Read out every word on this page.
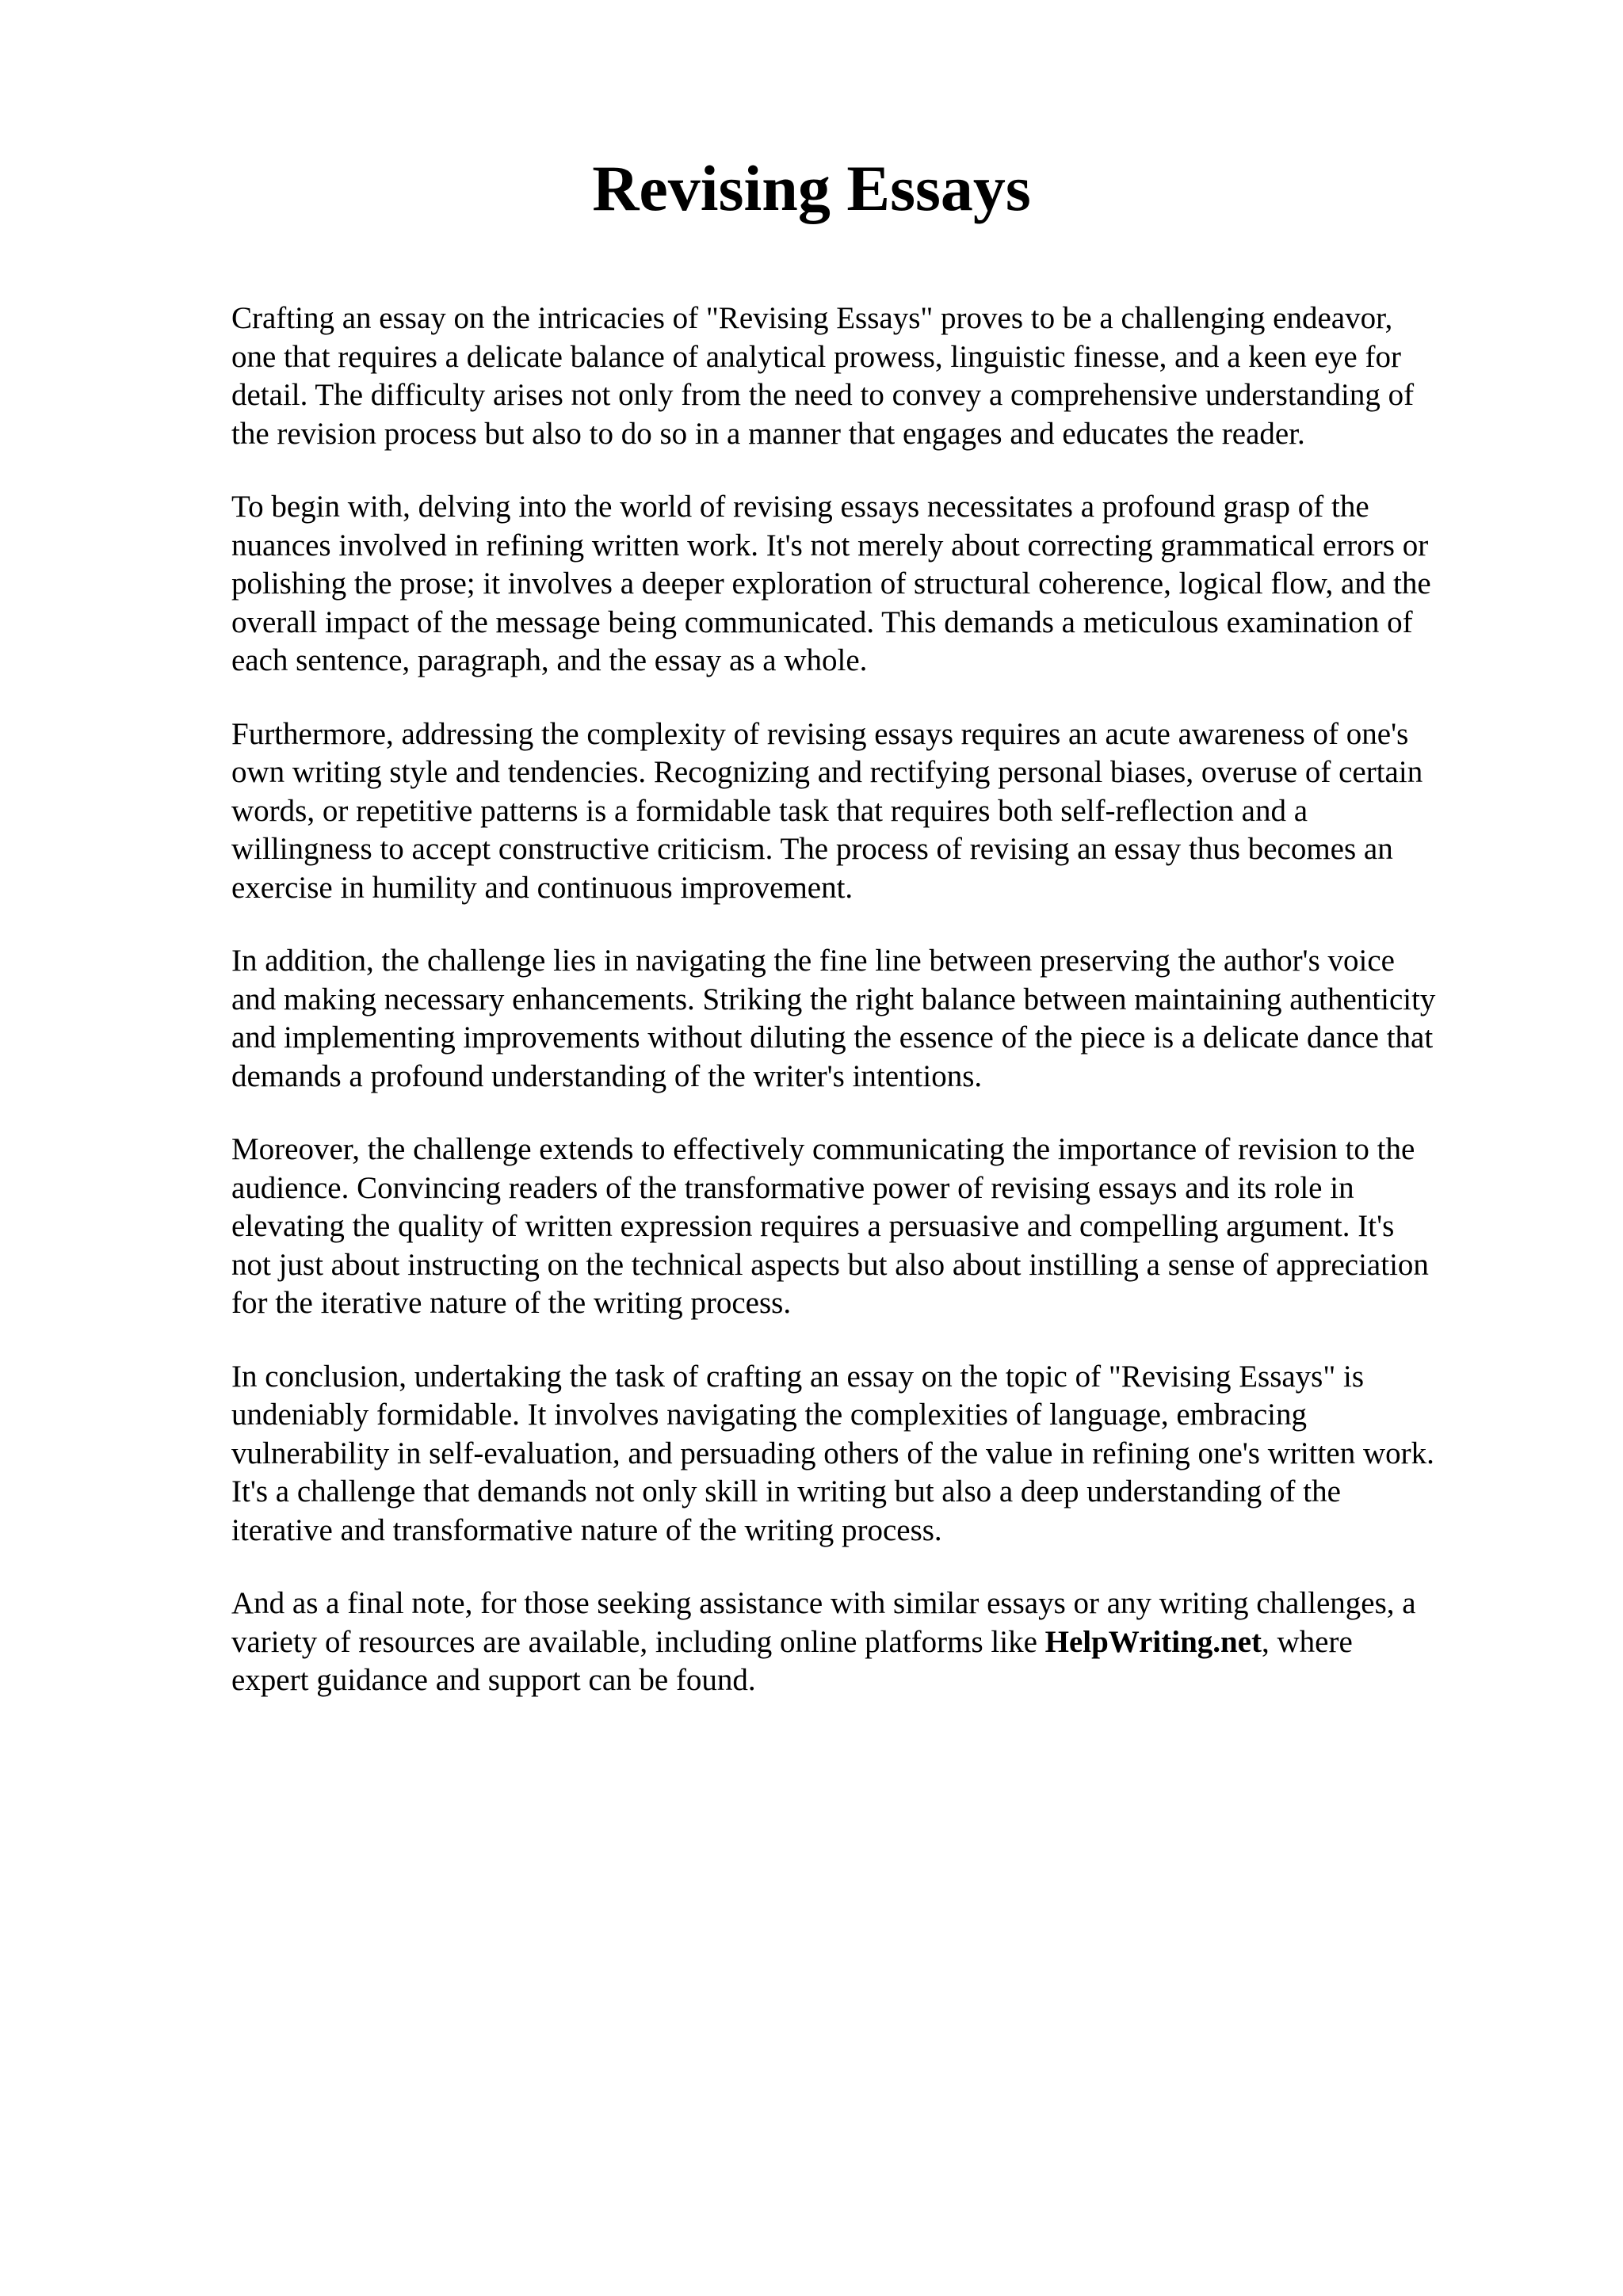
Revising Essays

Crafting an essay on the intricacies of "Revising Essays" proves to be a challenging endeavor,
one that requires a delicate balance of analytical prowess, linguistic finesse, and a keen eye for
detail. The difficulty arises not only from the need to convey a comprehensive understanding of
the revision process but also to do so in a manner that engages and educates the reader.

To begin with, delving into the world of revising essays necessitates a profound grasp of the
nuances involved in refining written work. It's not merely about correcting grammatical errors or
polishing the prose; it involves a deeper exploration of structural coherence, logical flow, and the
overall impact of the message being communicated. This demands a meticulous examination of
each sentence, paragraph, and the essay as a whole.

Furthermore, addressing the complexity of revising essays requires an acute awareness of one's
own writing style and tendencies. Recognizing and rectifying personal biases, overuse of certain
words, or repetitive patterns is a formidable task that requires both self-reflection and a
willingness to accept constructive criticism. The process of revising an essay thus becomes an
exercise in humility and continuous improvement.

In addition, the challenge lies in navigating the fine line between preserving the author's voice
and making necessary enhancements. Striking the right balance between maintaining authenticity
and implementing improvements without diluting the essence of the piece is a delicate dance that
demands a profound understanding of the writer's intentions.

Moreover, the challenge extends to effectively communicating the importance of revision to the
audience. Convincing readers of the transformative power of revising essays and its role in
elevating the quality of written expression requires a persuasive and compelling argument. It's
not just about instructing on the technical aspects but also about instilling a sense of appreciation
for the iterative nature of the writing process.

In conclusion, undertaking the task of crafting an essay on the topic of "Revising Essays" is
undeniably formidable. It involves navigating the complexities of language, embracing
vulnerability in self-evaluation, and persuading others of the value in refining one's written work.
It's a challenge that demands not only skill in writing but also a deep understanding of the
iterative and transformative nature of the writing process.

And as a final note, for those seeking assistance with similar essays or any writing challenges, a
variety of resources are available, including online platforms like HelpWriting.net, where
expert guidance and support can be found.
